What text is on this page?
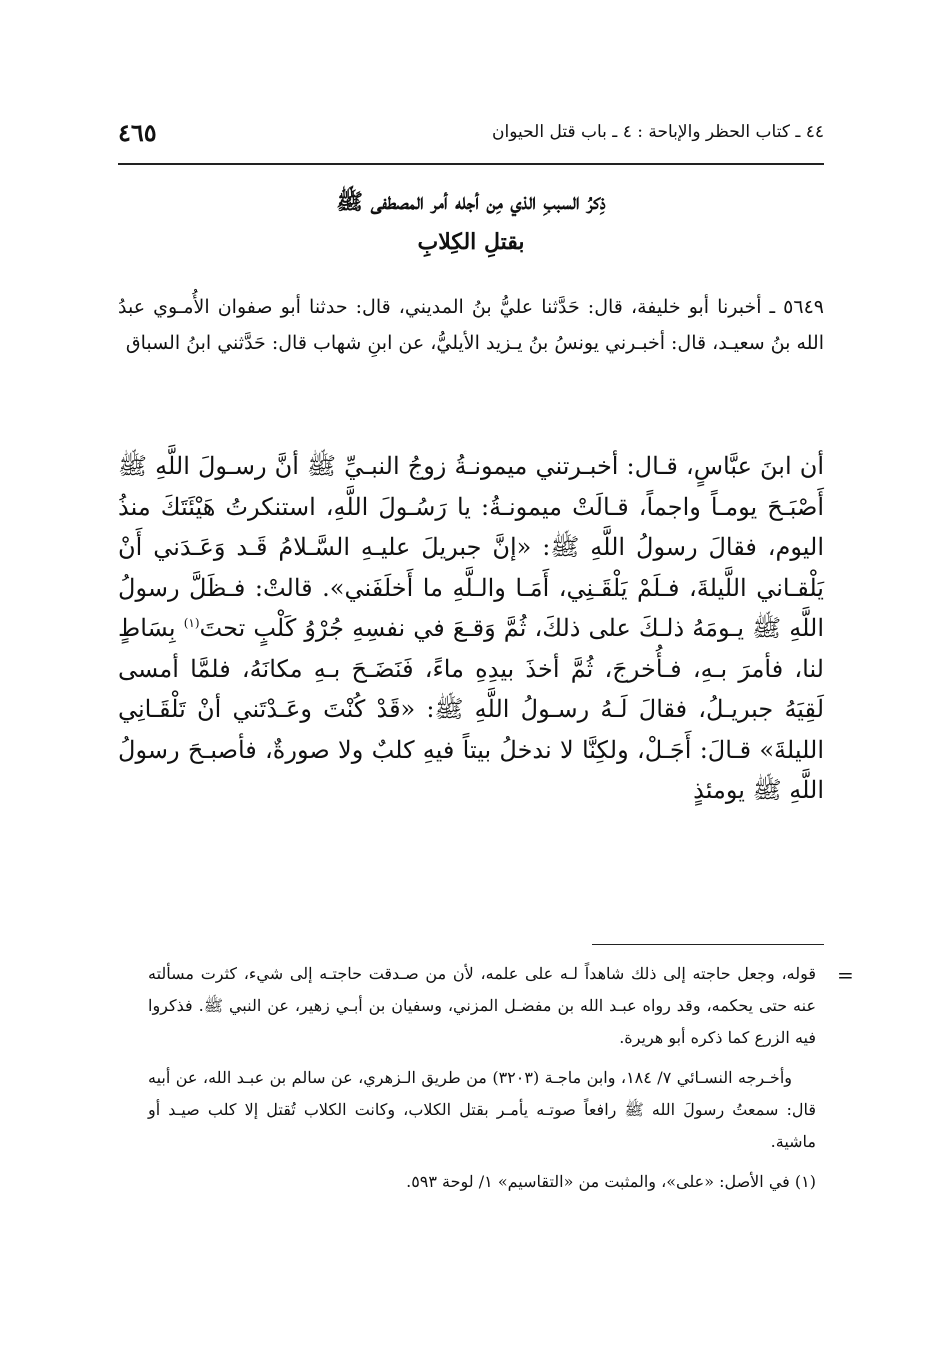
٤٤ ـ كتاب الحظر والإباحة : ٤ ـ باب قتل الحيوان
٤٦٥
ذِكرُ السببِ الذي مِن أجله أمر المصطفى ﷺ
بقتلِ الكِلابِ

٥٦٤٩ ـ أخبرنا أبو خليفة، قال: حَدَّثنا عليُّ بنُ المديني، قال: حدثنا أبو صفوان الأُمـوي عبدُ الله بنُ سعيـد، قال: أخبـرني يونسُ بنُ يـزيد الأيليُّ، عن ابنِ شهاب قال: حَدَّثني ابنُ السباق

أن ابنَ عبَّاسٍ، قـال: أخبـرتني ميمونـةُ زوجُ النبـيِّ ﷺ أنَّ رسـولَ اللَّهِ ﷺ أَصْبَـحَ يومـاً واجماً، قـالَتْ ميمونـةُ: يا رَسُـولَ اللَّهِ، استنكرتُ هَيْئَتَكَ منذُ اليوم، فقالَ رسولُ اللَّهِ ﷺ: «إنَّ جبريلَ عليـهِ السَّـلامُ قَـد وَعَـدَني أَنْ يَلْقـاني اللَّيلةَ، فـلَمْ يَلْقَـنِي، أَمَـا والـلَّهِ ما أَخلَفَني». قالتْ: فـظَلَّ رسولُ اللَّهِ ﷺ يـومَهُ ذلـكَ على ذلكَ، ثُمَّ وَقـعَ في نفسِهِ جُرْوُ كَلْبٍ تحتَ$^{(١)}$ بِسَاطٍ لنا، فأمرَ بـهِ، فـأُخرجَ، ثُمَّ أخذَ بيدِهِ ماءً، فَنَضَـحَ بـهِ مكانَهُ، فلمَّا أمسى لَقِيَهُ جبريـلُ، فقالَ لَـهُ رسـولُ اللَّهِ ﷺ: «قَدْ كُنْتَ وعَـدْتَني أنْ تَلْقَـانِي الليلةَ» قـالَ: أَجَـلْ، ولكِنَّا لا ندخلُ بيتاً فيهِ كلبٌ ولا صورةٌ، فأصبـحَ رسولُ اللَّهِ ﷺ يومئذٍ

=

قوله، وجعل حاجته إلى ذلك شاهداً لـه على علمه، لأن من صـدقت حاجتـه إلى شيء، كثرت مسألته عنه حتى يحكمه، وقد رواه عبـد الله بن مفضـل المزني، وسفيان بن أبـي زهير، عن النبي ﷺ. فذكروا فيه الزرع كما ذكره أبو هريرة.

وأخـرجه النسـائي ٧/ ١٨٤، وابن ماجـة (٣٢٠٣) من طريق الـزهري، عن سالم بن عبـد الله، عن أبيه قال: سمعتُ رسولَ الله ﷺ رافعاً صوتـه يأمـر بقتل الكلاب، وكانت الكلاب تُقتل إلا كلب صيـد أو ماشية.

(١) في الأصل: «على»، والمثبت من «التقاسيم» ١/ لوحة ٥٩٣.
